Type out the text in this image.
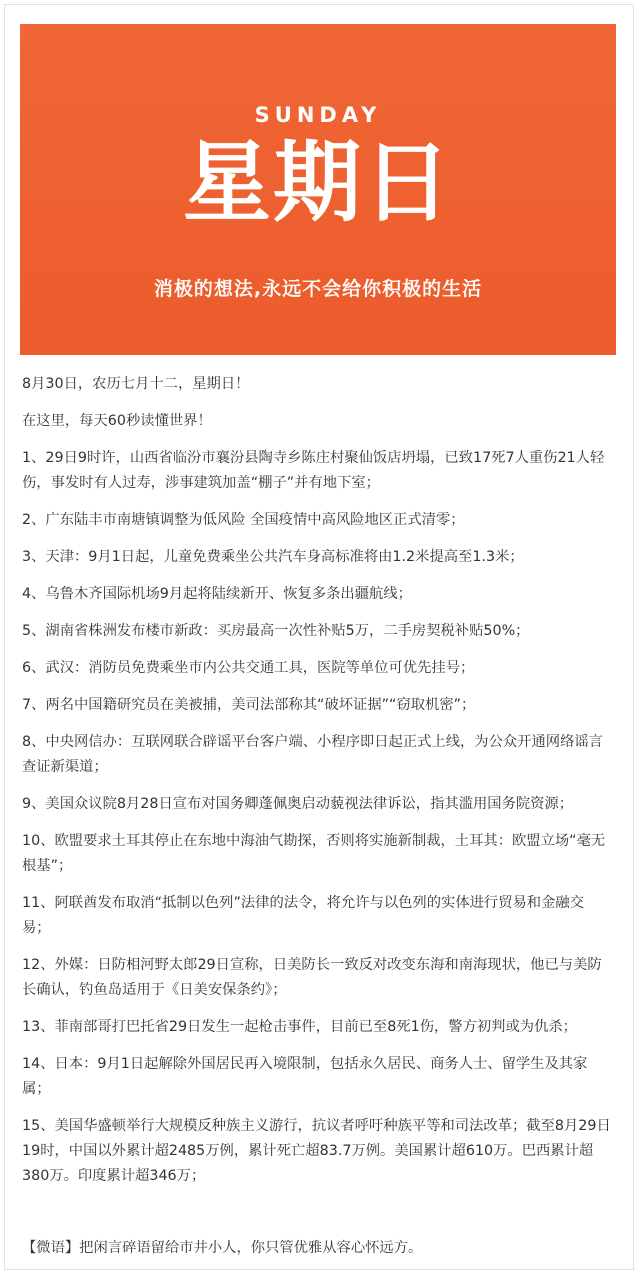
SUNDAY
星期日
消极的想法,永远不会给你积极的生活

8月30日，农历七月十二，星期日！

在这里，每天60秒读懂世界！

1、29日9时许，山西省临汾市襄汾县陶寺乡陈庄村聚仙饭店坍塌，已致17死7人重伤21人轻伤，事发时有人过寿，涉事建筑加盖“棚子”并有地下室；
2、广东陆丰市南塘镇调整为低风险 全国疫情中高风险地区正式清零；
3、天津：9月1日起，儿童免费乘坐公共汽车身高标准将由1.2米提高至1.3米；
4、乌鲁木齐国际机场9月起将陆续新开、恢复多条出疆航线；
5、湖南省株洲发布楼市新政：买房最高一次性补贴5万，二手房契税补贴50%；
6、武汉：消防员免费乘坐市内公共交通工具，医院等单位可优先挂号；
7、两名中国籍研究员在美被捕，美司法部称其“破坏证据”“窃取机密”；
8、中央网信办：互联网联合辟谣平台客户端、小程序即日起正式上线，为公众开通网络谣言查证新渠道；
9、美国众议院8月28日宣布对国务卿蓬佩奥启动藐视法律诉讼，指其滥用国务院资源；
10、欧盟要求土耳其停止在东地中海油气勘探，否则将实施新制裁，土耳其：欧盟立场“毫无根基”；
11、阿联酋发布取消“抵制以色列”法律的法令，将允许与以色列的实体进行贸易和金融交易；
12、外媒：日防相河野太郎29日宣称，日美防长一致反对改变东海和南海现状，他已与美防长确认，钓鱼岛适用于《日美安保条约》；
13、菲南部哥打巴托省29日发生一起枪击事件，目前已至8死1伤，警方初判或为仇杀；
14、日本：9月1日起解除外国居民再入境限制，包括永久居民、商务人士、留学生及其家属；
15、美国华盛顿举行大规模反种族主义游行，抗议者呼吁种族平等和司法改革；截至8月29日19时，中国以外累计超2485万例，累计死亡超83.7万例。美国累计超610万。巴西累计超380万。印度累计超346万；
【微语】把闲言碎语留给市井小人，你只管优雅从容心怀远方。
